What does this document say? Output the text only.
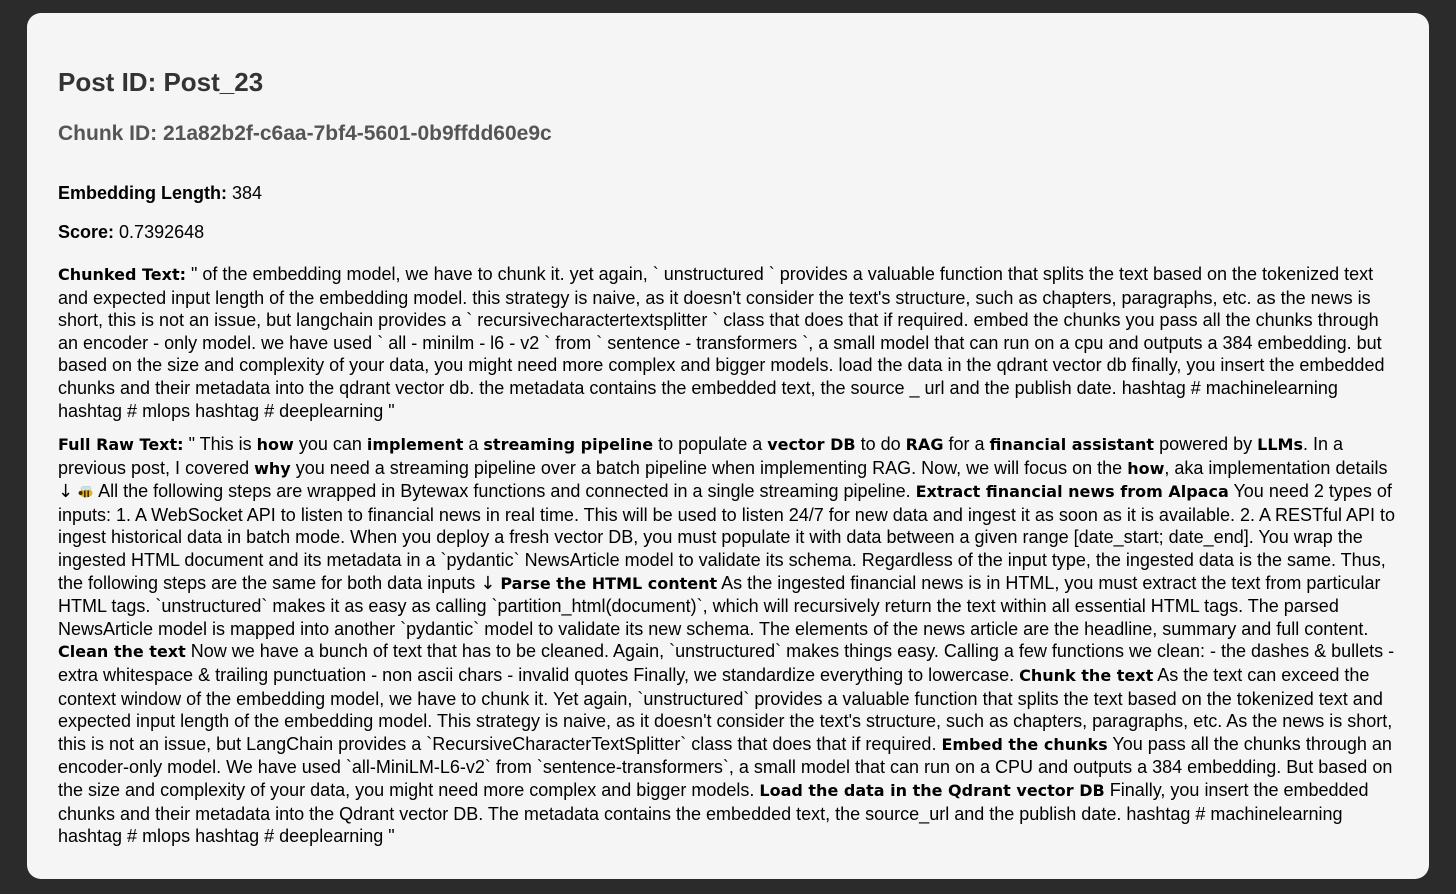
Post ID: Post_23
Chunk ID: 21a82b2f-c6aa-7bf4-5601-0b9ffdd60e9c

Embedding Length: 384

Score: 0.7392648

Chunked Text: " of the embedding model, we have to chunk it. yet again, ` unstructured ` provides a valuable function that splits the text based on the tokenized text and expected input length of the embedding model. this strategy is naive, as it doesn't consider the text's structure, such as chapters, paragraphs, etc. as the news is short, this is not an issue, but langchain provides a ` recursivecharactertextsplitter ` class that does that if required. embed the chunks you pass all the chunks through an encoder - only model. we have used ` all - minilm - l6 - v2 ` from ` sentence - transformers `, a small model that can run on a cpu and outputs a 384 embedding. but based on the size and complexity of your data, you might need more complex and bigger models. load the data in the qdrant vector db finally, you insert the embedded chunks and their metadata into the qdrant vector db. the metadata contains the embedded text, the source _ url and the publish date. hashtag # machinelearning hashtag # mlops hashtag # deeplearning "

Full Raw Text: " This is how you can implement a streaming pipeline to populate a vector DB to do RAG for a financial assistant powered by LLMs. In a previous post, I covered why you need a streaming pipeline over a batch pipeline when implementing RAG. Now, we will focus on the how, aka implementation details ↓  All the following steps are wrapped in Bytewax functions and connected in a single streaming pipeline. Extract financial news from Alpaca You need 2 types of inputs: 1. A WebSocket API to listen to financial news in real time. This will be used to listen 24/7 for new data and ingest it as soon as it is available. 2. A RESTful API to ingest historical data in batch mode. When you deploy a fresh vector DB, you must populate it with data between a given range [date_start; date_end]. You wrap the ingested HTML document and its metadata in a `pydantic` NewsArticle model to validate its schema. Regardless of the input type, the ingested data is the same. Thus, the following steps are the same for both data inputs ↓ Parse the HTML content As the ingested financial news is in HTML, you must extract the text from particular HTML tags. `unstructured` makes it as easy as calling `partition_html(document)`, which will recursively return the text within all essential HTML tags. The parsed NewsArticle model is mapped into another `pydantic` model to validate its new schema. The elements of the news article are the headline, summary and full content. Clean the text Now we have a bunch of text that has to be cleaned. Again, `unstructured` makes things easy. Calling a few functions we clean: - the dashes & bullets - extra whitespace & trailing punctuation - non ascii chars - invalid quotes Finally, we standardize everything to lowercase. Chunk the text As the text can exceed the context window of the embedding model, we have to chunk it. Yet again, `unstructured` provides a valuable function that splits the text based on the tokenized text and expected input length of the embedding model. This strategy is naive, as it doesn't consider the text's structure, such as chapters, paragraphs, etc. As the news is short, this is not an issue, but LangChain provides a `RecursiveCharacterTextSplitter` class that does that if required. Embed the chunks You pass all the chunks through an encoder-only model. We have used `all-MiniLM-L6-v2` from `sentence-transformers`, a small model that can run on a CPU and outputs a 384 embedding. But based on the size and complexity of your data, you might need more complex and bigger models. Load the data in the Qdrant vector DB Finally, you insert the embedded chunks and their metadata into the Qdrant vector DB. The metadata contains the embedded text, the source_url and the publish date. hashtag # machinelearning hashtag # mlops hashtag # deeplearning "
